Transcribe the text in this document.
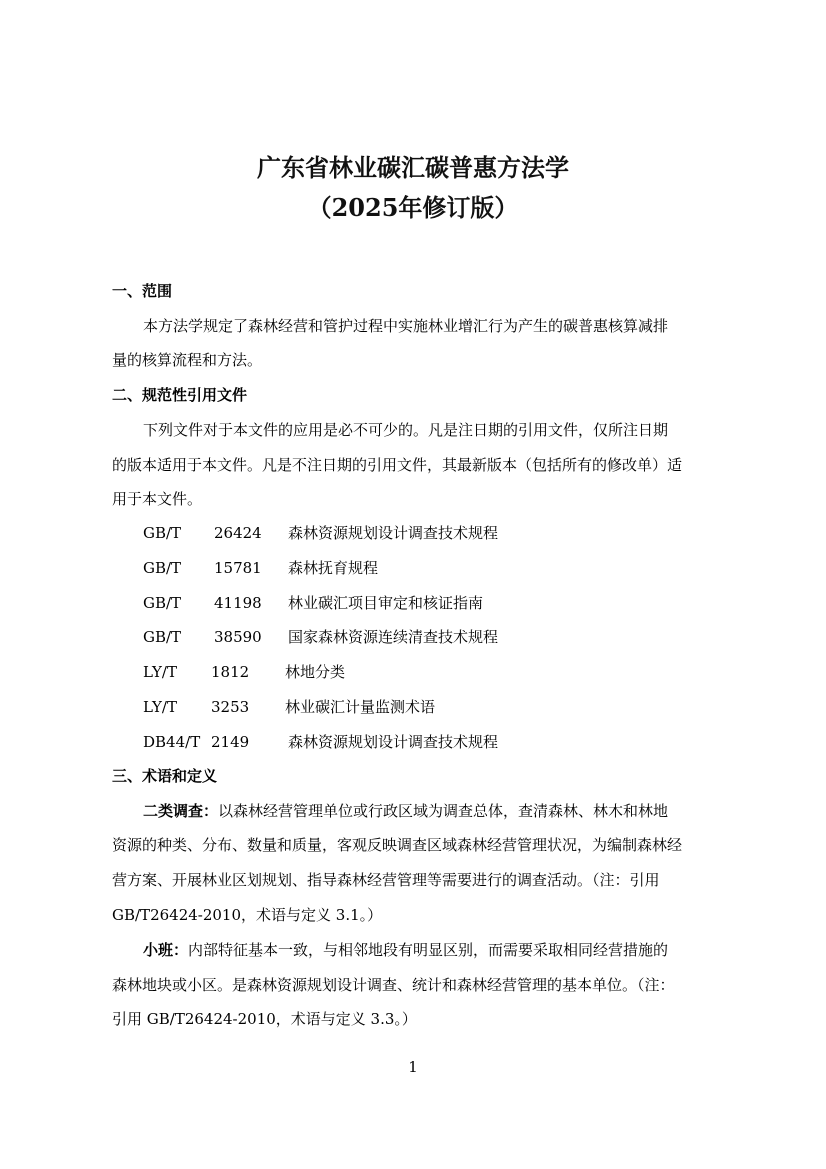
广东省林业碳汇碳普惠方法学
（2025年修订版）
一、范围
本方法学规定了森林经营和管护过程中实施林业增汇行为产生的碳普惠核算减排
量的核算流程和方法。
二、规范性引用文件
下列文件对于本文件的应用是必不可少的。凡是注日期的引用文件，仅所注日期
的版本适用于本文件。凡是不注日期的引用文件，其最新版本（包括所有的修改单）适
用于本文件。
GB/T 26424 森林资源规划设计调查技术规程
GB/T 15781 森林抚育规程
GB/T 41198 林业碳汇项目审定和核证指南
GB/T 38590 国家森林资源连续清查技术规程
LY/T 1812 林地分类
LY/T 3253 林业碳汇计量监测术语
DB44/T 2149	森林资源规划设计调查技术规程
三、术语和定义
二类调查：以森林经营管理单位或行政区域为调查总体，查清森林、林木和林地
资源的种类、分布、数量和质量，客观反映调查区域森林经营管理状况，为编制森林经
营方案、开展林业区划规划、指导森林经营管理等需要进行的调查活动。（注：引用
GB/T26424-2010，术语与定义 3.1。）
小班：内部特征基本一致，与相邻地段有明显区别，而需要采取相同经营措施的
森林地块或小区。是森林资源规划设计调查、统计和森林经营管理的基本单位。（注：
引用 GB/T26424-2010，术语与定义 3.3。）
1
